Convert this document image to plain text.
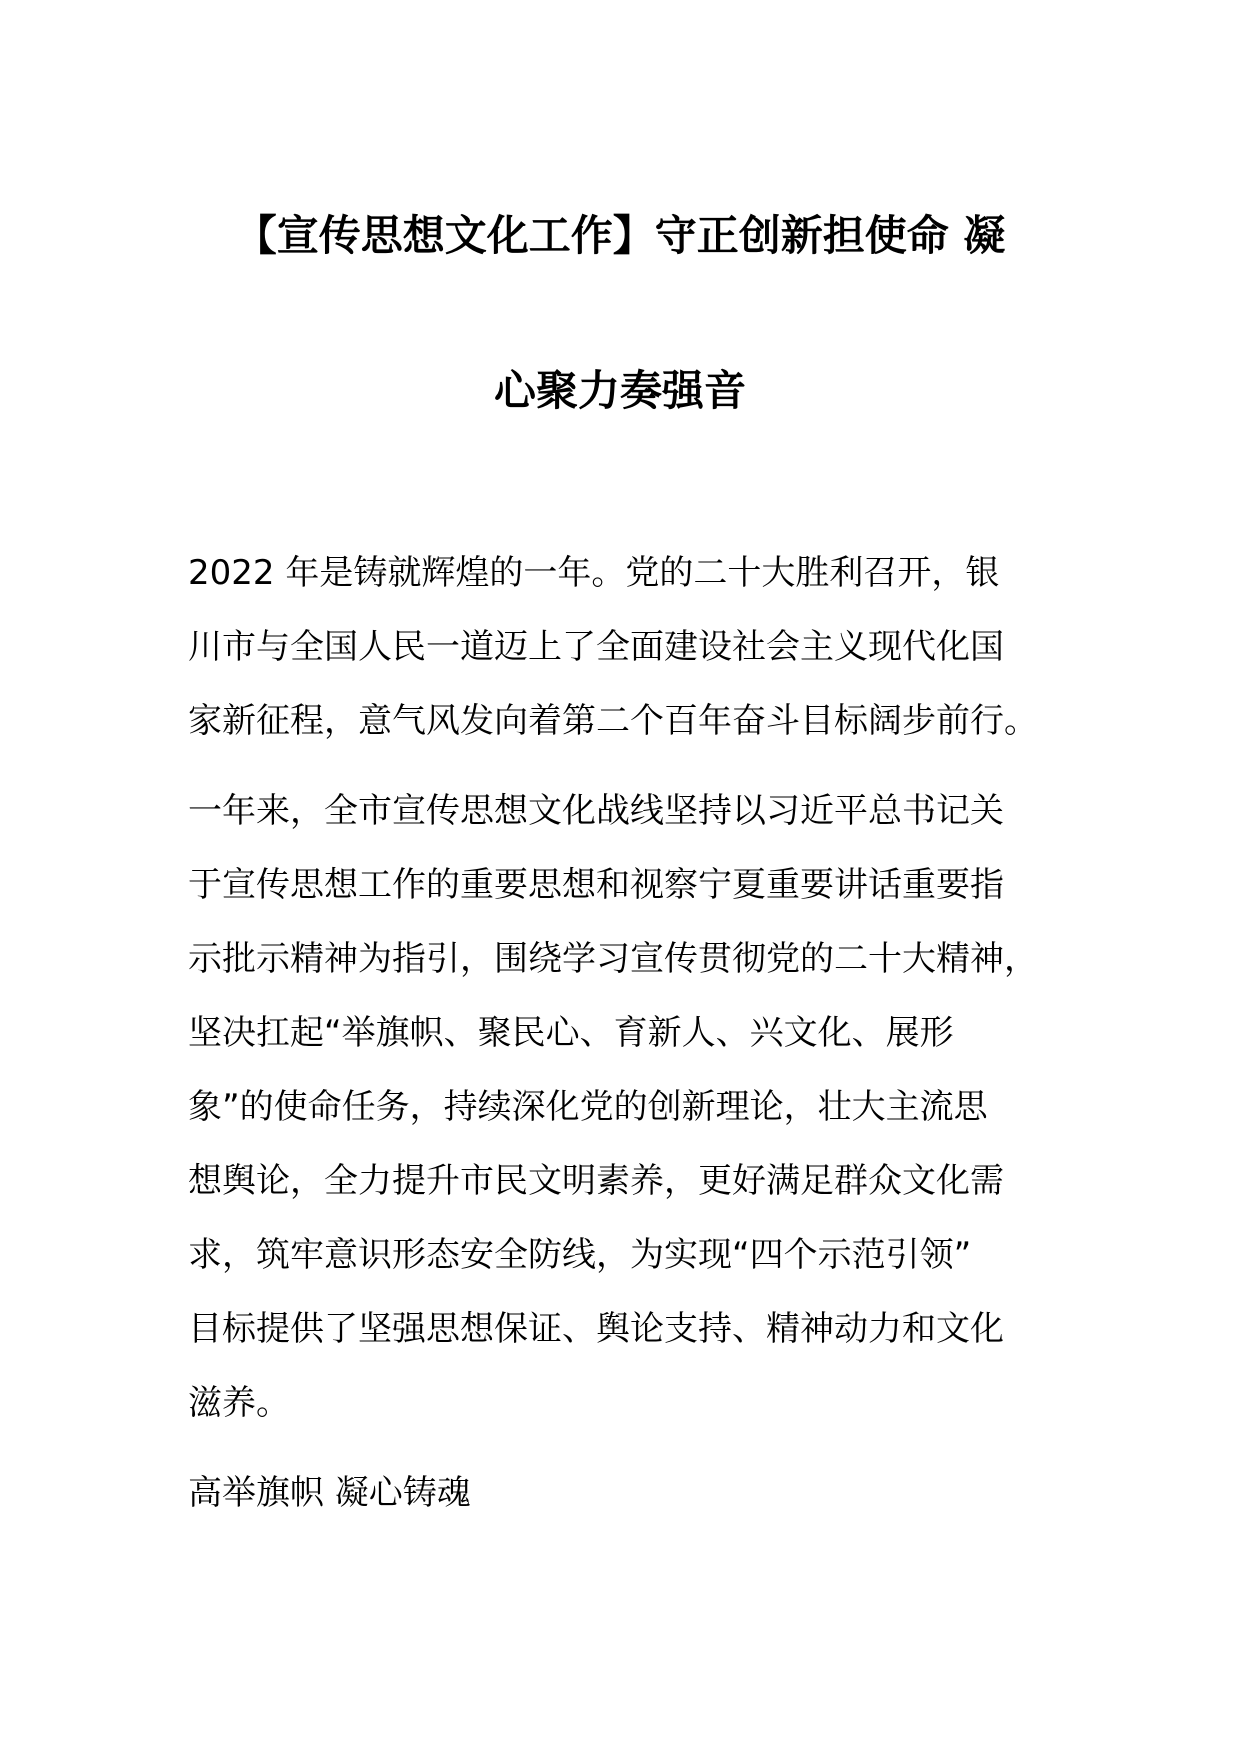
【宣传思想文化工作】守正创新担使命 凝
心聚力奏强音

2022 年是铸就辉煌的一年。党的二十大胜利召开，银
川市与全国人民一道迈上了全面建设社会主义现代化国
家新征程，意气风发向着第二个百年奋斗目标阔步前行。

一年来，全市宣传思想文化战线坚持以习近平总书记关
于宣传思想工作的重要思想和视察宁夏重要讲话重要指
示批示精神为指引，围绕学习宣传贯彻党的二十大精神，
坚决扛起“举旗帜、聚民心、育新人、兴文化、展形
象”的使命任务，持续深化党的创新理论，壮大主流思
想舆论，全力提升市民文明素养，更好满足群众文化需
求，筑牢意识形态安全防线，为实现“四个示范引领”
目标提供了坚强思想保证、舆论支持、精神动力和文化
滋养。

高举旗帜 凝心铸魂
